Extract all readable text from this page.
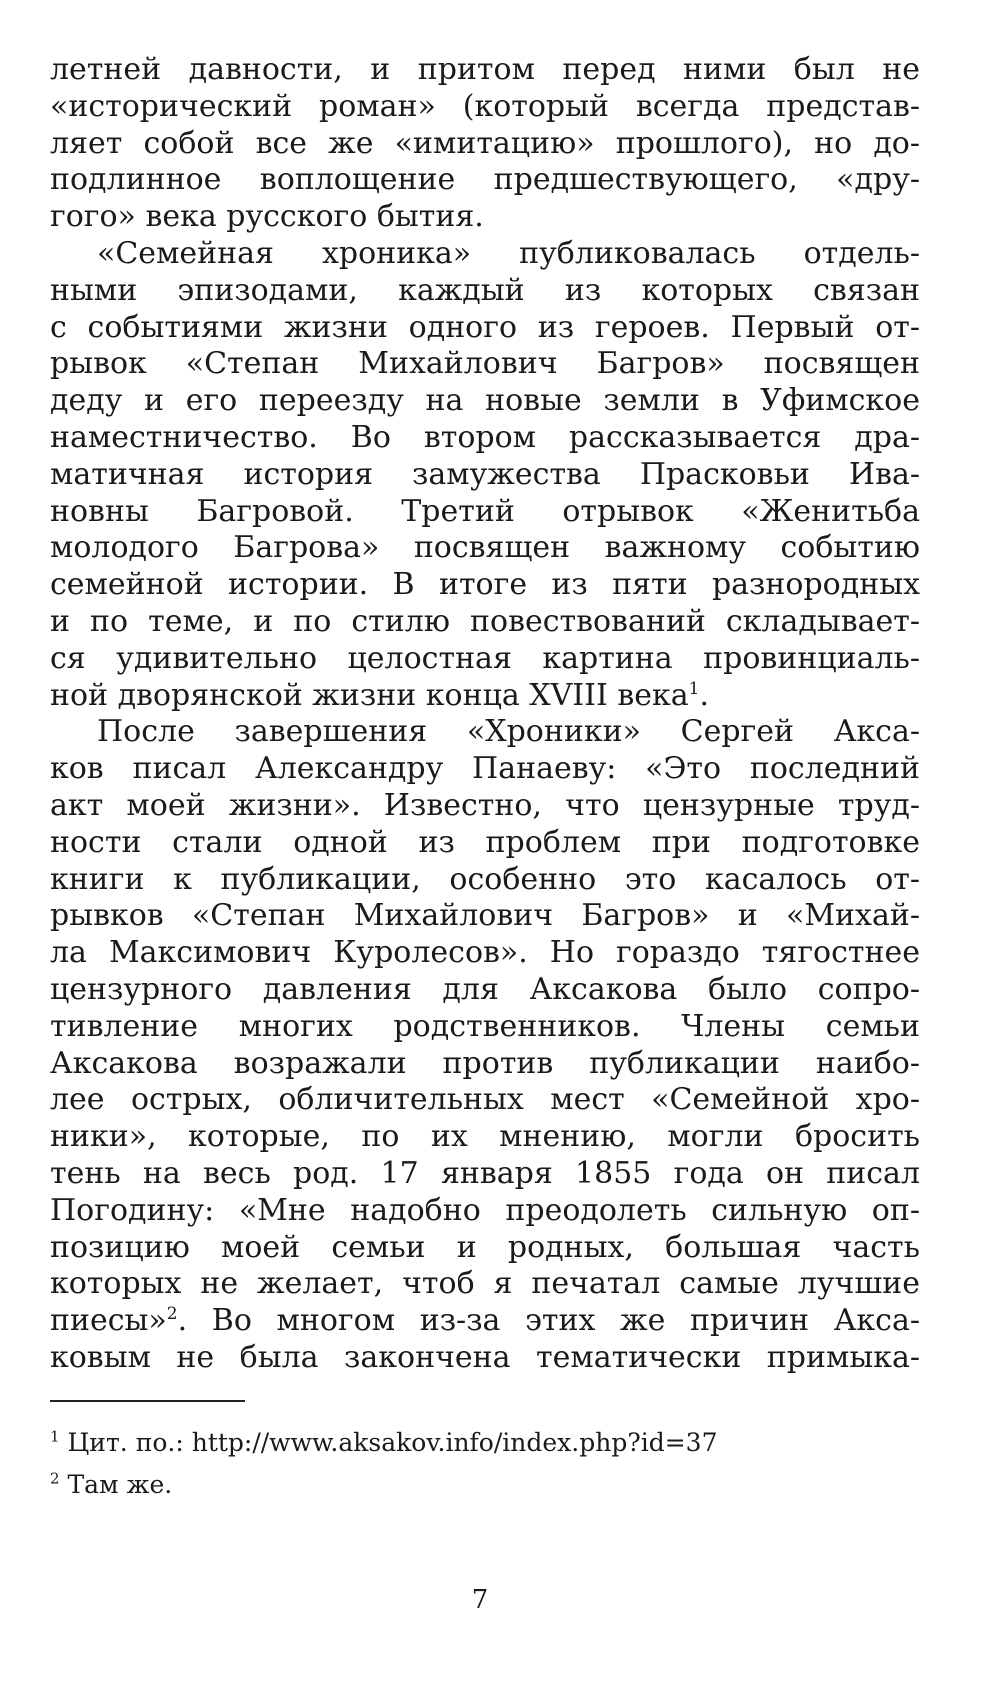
летней давности, и притом перед ними был не
«исторический роман» (который всегда представ-
ляет собой все же «имитацию» прошлого), но до-
подлинное воплощение предшествующего, «дру-
гого» века русского бытия.
«Семейная хроника» публиковалась отдель-
ными эпизодами, каждый из которых связан
с событиями жизни одного из героев. Первый от-
рывок «Степан Михайлович Багров» посвящен
деду и его переезду на новые земли в Уфимское
наместничество. Во втором рассказывается дра-
матичная история замужества Прасковьи Ива-
новны Багровой. Третий отрывок «Женитьба
молодого Багрова» посвящен важному событию
семейной истории. В итоге из пяти разнородных
и по теме, и по стилю повествований складывает-
ся удивительно целостная картина провинциаль-
ной дворянской жизни конца XVIII века$^1$.
После завершения «Хроники» Сергей Акса-
ков писал Александру Панаеву: «Это последний
акт моей жизни». Известно, что цензурные труд-
ности стали одной из проблем при подготовке
книги к публикации, особенно это касалось от-
рывков «Степан Михайлович Багров» и «Михай-
ла Максимович Куролесов». Но гораздо тягостнее
цензурного давления для Аксакова было сопро-
тивление многих родственников. Члены семьи
Аксакова возражали против публикации наибо-
лее острых, обличительных мест «Семейной хро-
ники», которые, по их мнению, могли бросить
тень на весь род. 17 января 1855 года он писал
Погодину: «Мне надобно преодолеть сильную оп-
позицию моей семьи и родных, большая часть
которых не желает, чтоб я печатал самые лучшие
пиесы»$^2$. Во многом из-за этих же причин Акса-
ковым не была закончена тематически примыка-
$^1$ Цит. по.: http://www.aksakov.info/index.php?id=37
$^2$ Там же.
7
